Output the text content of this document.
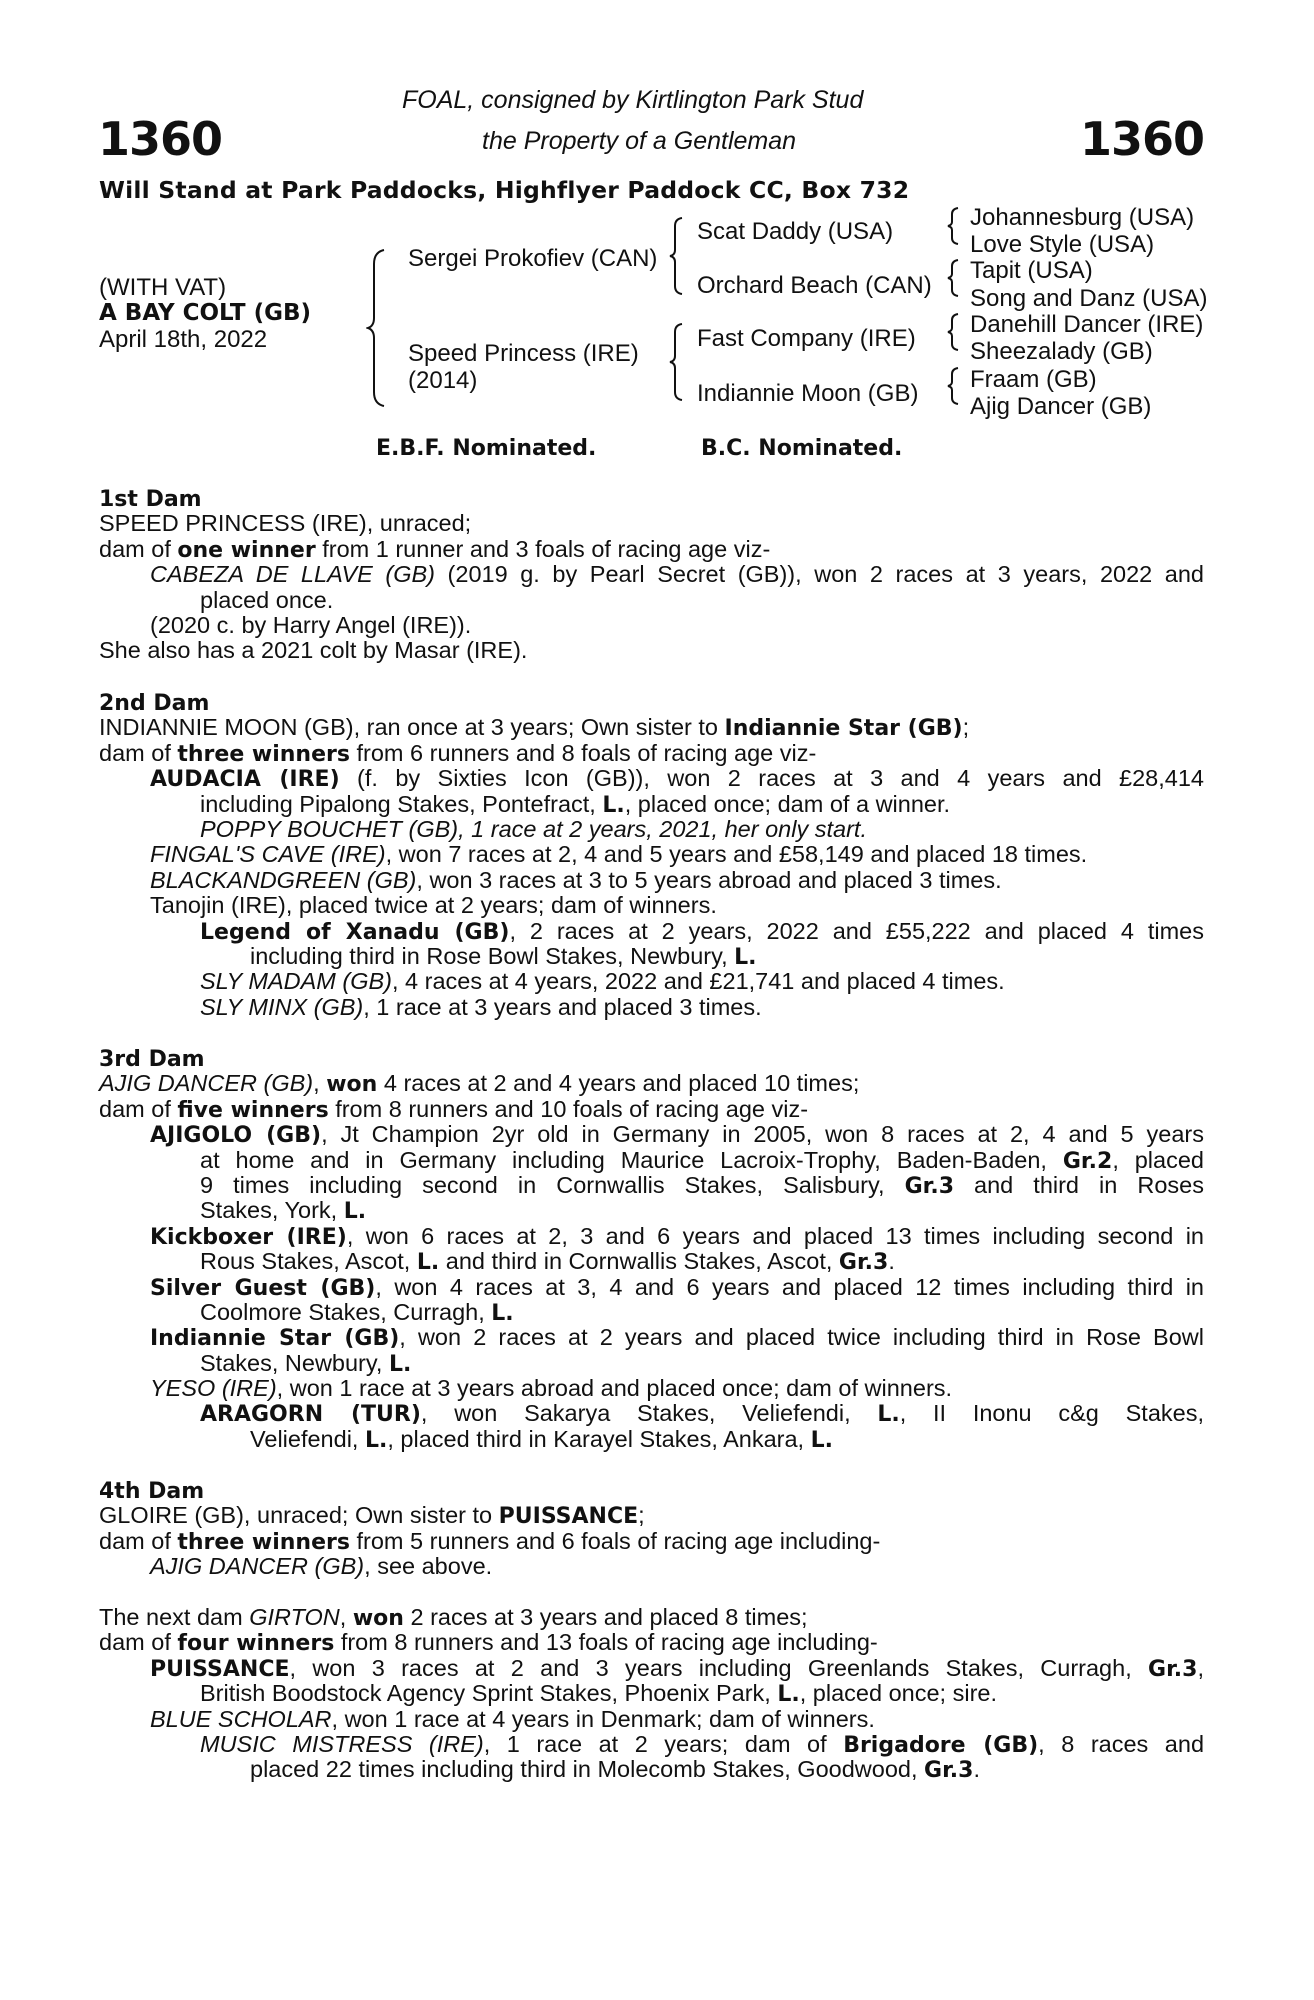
1360	1360
FOAL, consigned by Kirtlington Park Stud
the Property of a Gentleman
Will Stand at Park Paddocks, Highflyer Paddock CC, Box 732
(WITH VAT)
A BAY COLT (GB)
April 18th, 2022
Sergei Prokofiev (CAN)
Speed Princess (IRE)
(2014)
Scat Daddy (USA)
Orchard Beach (CAN)
Fast Company (IRE)
Indiannie Moon (GB)
Johannesburg (USA)
Love Style (USA)
Tapit (USA)
Song and Danz (USA)
Danehill Dancer (IRE)
Sheezalady (GB)
Fraam (GB)
Ajig Dancer (GB)
E.B.F. Nominated.	B.C. Nominated.
1st Dam
SPEED PRINCESS (IRE), unraced;
dam of one winner from 1 runner and 3 foals of racing age viz-
CABEZA DE LLAVE (GB) (2019 g. by Pearl Secret (GB)), won 2 races at 3 years, 2022 and
placed once.
(2020 c. by Harry Angel (IRE)).
She also has a 2021 colt by Masar (IRE).
2nd Dam
INDIANNIE MOON (GB), ran once at 3 years; Own sister to Indiannie Star (GB);
dam of three winners from 6 runners and 8 foals of racing age viz-
AUDACIA (IRE) (f. by Sixties Icon (GB)), won 2 races at 3 and 4 years and £28,414
including Pipalong Stakes, Pontefract, L., placed once; dam of a winner.
POPPY BOUCHET (GB), 1 race at 2 years, 2021, her only start.
FINGAL'S CAVE (IRE), won 7 races at 2, 4 and 5 years and £58,149 and placed 18 times.
BLACKANDGREEN (GB), won 3 races at 3 to 5 years abroad and placed 3 times.
Tanojin (IRE), placed twice at 2 years; dam of winners.
Legend of Xanadu (GB), 2 races at 2 years, 2022 and £55,222 and placed 4 times
including third in Rose Bowl Stakes, Newbury, L.
SLY MADAM (GB), 4 races at 4 years, 2022 and £21,741 and placed 4 times.
SLY MINX (GB), 1 race at 3 years and placed 3 times.
3rd Dam
AJIG DANCER (GB), won 4 races at 2 and 4 years and placed 10 times;
dam of five winners from 8 runners and 10 foals of racing age viz-
AJIGOLO (GB), Jt Champion 2yr old in Germany in 2005, won 8 races at 2, 4 and 5 years
at home and in Germany including Maurice Lacroix-Trophy, Baden-Baden, Gr.2, placed
9 times including second in Cornwallis Stakes, Salisbury, Gr.3 and third in Roses
Stakes, York, L.
Kickboxer (IRE), won 6 races at 2, 3 and 6 years and placed 13 times including second in
Rous Stakes, Ascot, L. and third in Cornwallis Stakes, Ascot, Gr.3.
Silver Guest (GB), won 4 races at 3, 4 and 6 years and placed 12 times including third in
Coolmore Stakes, Curragh, L.
Indiannie Star (GB), won 2 races at 2 years and placed twice including third in Rose Bowl
Stakes, Newbury, L.
YESO (IRE), won 1 race at 3 years abroad and placed once; dam of winners.
ARAGORN (TUR), won Sakarya Stakes, Veliefendi, L., II Inonu c&g Stakes,
Veliefendi, L., placed third in Karayel Stakes, Ankara, L.
4th Dam
GLOIRE (GB), unraced; Own sister to PUISSANCE;
dam of three winners from 5 runners and 6 foals of racing age including-
AJIG DANCER (GB), see above.
The next dam GIRTON, won 2 races at 3 years and placed 8 times;
dam of four winners from 8 runners and 13 foals of racing age including-
PUISSANCE, won 3 races at 2 and 3 years including Greenlands Stakes, Curragh, Gr.3,
British Boodstock Agency Sprint Stakes, Phoenix Park, L., placed once; sire.
BLUE SCHOLAR, won 1 race at 4 years in Denmark; dam of winners.
MUSIC MISTRESS (IRE), 1 race at 2 years; dam of Brigadore (GB), 8 races and
placed 22 times including third in Molecomb Stakes, Goodwood, Gr.3.
